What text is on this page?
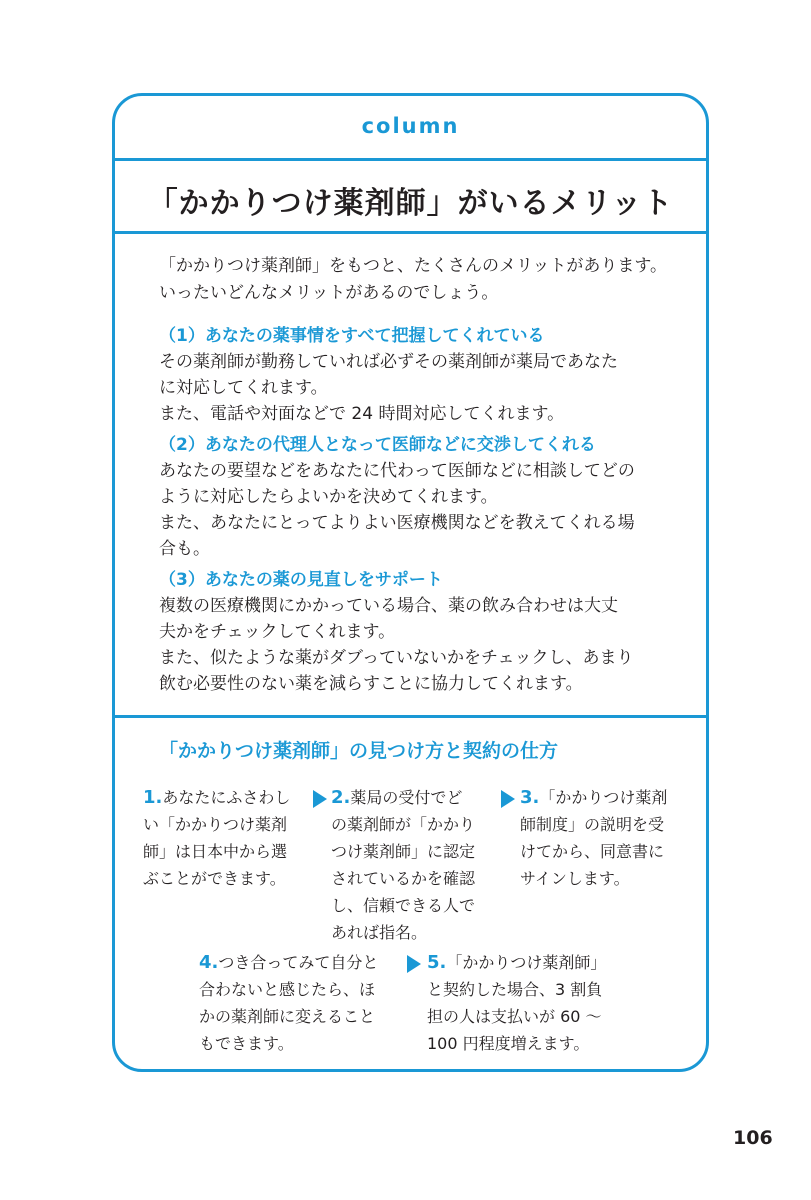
column
「かかりつけ薬剤師」がいるメリット

「かかりつけ薬剤師」をもつと、たくさんのメリットがあります。

いったいどんなメリットがあるのでしょう。

（1）あなたの薬事情をすべて把握してくれている

その薬剤師が勤務していれば必ずその薬剤師が薬局であなた

に対応してくれます。

また、電話や対面などで 24 時間対応してくれます。

（2）あなたの代理人となって医師などに交渉してくれる

あなたの要望などをあなたに代わって医師などに相談してどの

ように対応したらよいかを決めてくれます。

また、あなたにとってよりよい医療機関などを教えてくれる場

合も。

（3）あなたの薬の見直しをサポート

複数の医療機関にかかっている場合、薬の飲み合わせは大丈

夫かをチェックしてくれます。

また、似たような薬がダブっていないかをチェックし、あまり

飲む必要性のない薬を減らすことに協力してくれます。

「かかりつけ薬剤師」の見つけ方と契約の仕方

1.あなたにふさわし

い「かかりつけ薬剤

師」は日本中から選

ぶことができます。

2.薬局の受付でど

の薬剤師が「かかり

つけ薬剤師」に認定

されているかを確認

し、信頼できる人で

あれば指名。

3.「かかりつけ薬剤

師制度」の説明を受

けてから、同意書に

サインします。

4.つき合ってみて自分と

合わないと感じたら、ほ

かの薬剤師に変えること

もできます。

5.「かかりつけ薬剤師」

と契約した場合、3 割負

担の人は支払いが 60 〜

100 円程度増えます。

106
